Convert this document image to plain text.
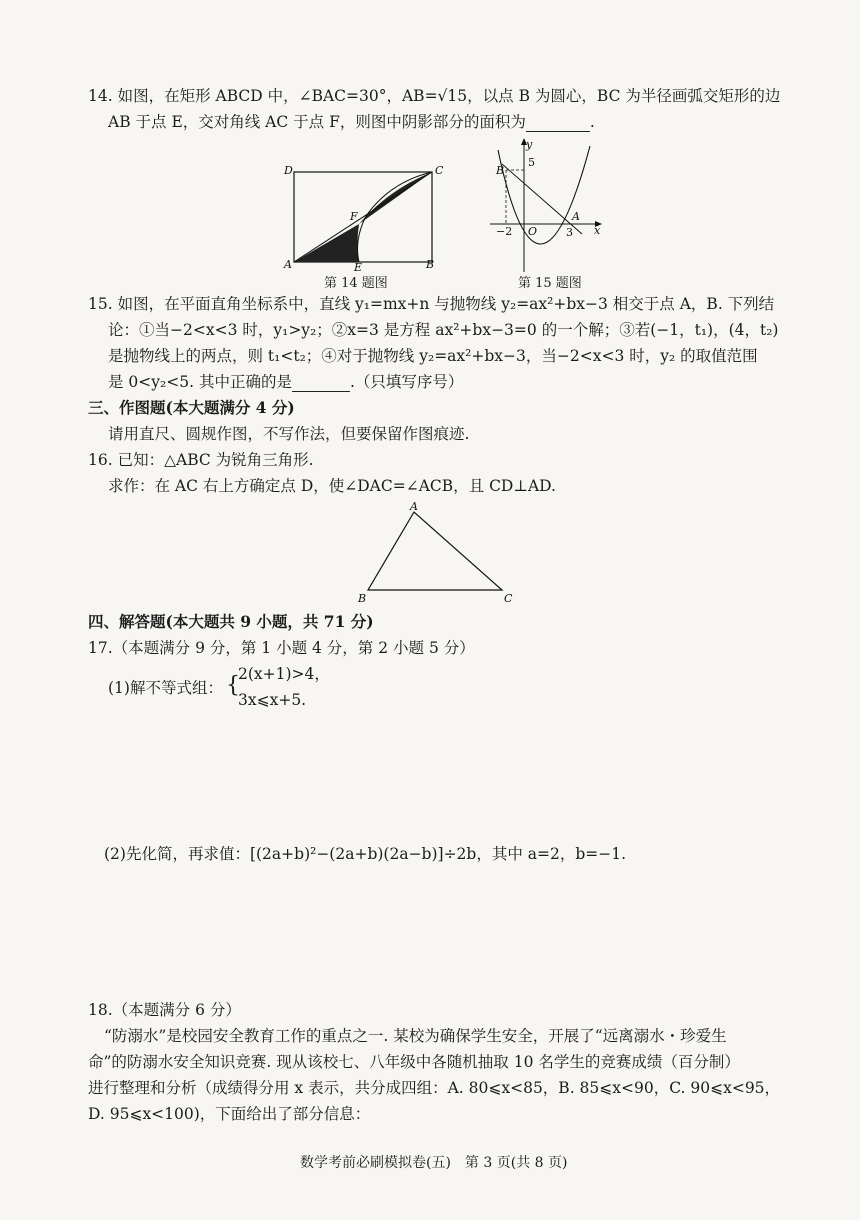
14. 如图，在矩形 ABCD 中，∠BAC=30°，AB=√15，以点 B 为圆心，BC 为半径画弧交矩形的边
AB 于点 E，交对角线 AC 于点 F，则图中阴影部分的面积为	.
D	C
A	B
E
F
第 14 题图
y
x
B
5
A
O
−2	3
第 15 题图
15. 如图，在平面直角坐标系中，直线 y₁=mx+n 与抛物线 y₂=ax²+bx−3 相交于点 A，B. 下列结
论：①当−2<x<3 时，y₁>y₂；②x=3 是方程 ax²+bx−3=0 的一个解；③若(−1，t₁)，(4，t₂)
是抛物线上的两点，则 t₁<t₂；④对于抛物线 y₂=ax²+bx−3，当−2<x<3 时，y₂ 的取值范围
是 0<y₂<5. 其中正确的是	.（只填写序号）
三、作图题(本大题满分 4 分)
请用直尺、圆规作图，不写作法，但要保留作图痕迹.
16. 已知：△ABC 为锐角三角形.
求作：在 AC 右上方确定点 D，使∠DAC=∠ACB，且 CD⊥AD.
A
B	C
四、解答题(本大题共 9 小题，共 71 分)
17.（本题满分 9 分，第 1 小题 4 分，第 2 小题 5 分）
(1)解不等式组： {
2(x+1)>4，
3x⩽x+5.
(2)先化简，再求值：[(2a+b)²−(2a+b)(2a−b)]÷2b，其中 a=2，b=−1.
18.（本题满分 6 分）
“防溺水”是校园安全教育工作的重点之一. 某校为确保学生安全，开展了“远离溺水・珍爱生
命”的防溺水安全知识竞赛. 现从该校七、八年级中各随机抽取 10 名学生的竞赛成绩（百分制）
进行整理和分析（成绩得分用 x 表示，共分成四组：A. 80⩽x<85，B. 85⩽x<90，C. 90⩽x<95，
D. 95⩽x<100)，下面给出了部分信息：
数学考前必刷模拟卷(五)　第 3 页(共 8 页)
